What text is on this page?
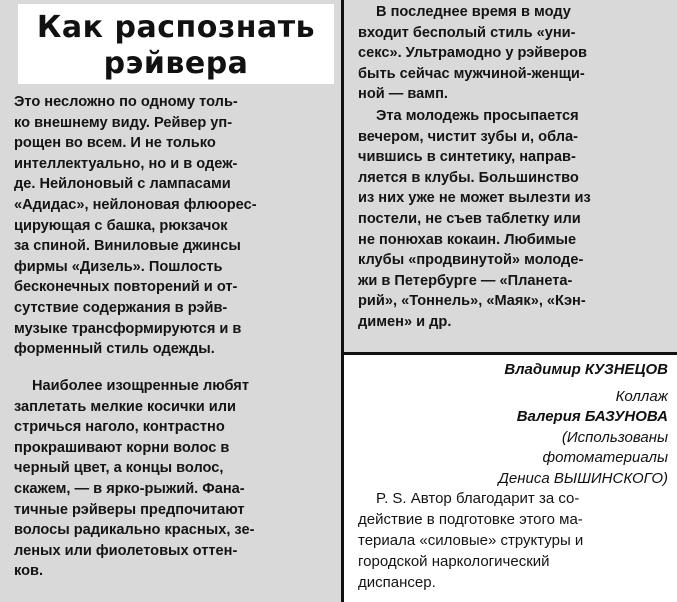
Как распознать
рэйвера
Это несложно по одному толь-
ко внешнему виду. Рейвер уп-
рощен во всем. И не только
интеллектуально, но и в одеж-
де. Нейлоновый с лампасами
«Адидас», нейлоновая флюорес-
цирующая с башка, рюкзачок
за спиной. Виниловые джинсы
фирмы «Дизель». Пошлость
бесконечных повторений и от-
сутствие содержания в рэйв-
музыке трансформируются и в
форменный стиль одежды.
Наиболее изощренные любят
заплетать мелкие косички или
стричься наголо, контрастно
прокрашивают корни волос в
черный цвет, а концы волос,
скажем, — в ярко-рыжий. Фана-
тичные рэйверы предпочитают
волосы радикально красных, зе-
леных или фиолетовых оттен-
ков.
В последнее время в моду
входит бесполый стиль «уни-
секс». Ультрамодно у рэйверов
быть сейчас мужчиной-женщи-
ной — вамп.
Эта молодежь просыпается
вечером, чистит зубы и, обла-
чившись в синтетику, направ-
ляется в клубы. Большинство
из них уже не может вылезти из
постели, не съев таблетку или
не понюхав кокаин. Любимые
клубы «продвинутой» молоде-
жи в Петербурге — «Планета-
рий», «Тоннель», «Маяк», «Кэн-
димен» и др.
Владимир КУЗНЕЦОВ
Коллаж
Валерия БАЗУНОВА
(Использованы
фотоматериалы
Дениса ВЫШИНСКОГО)
P. S. Автор благодарит за со-
действие в подготовке этого ма-
териала «силовые» структуры и
городской наркологический
диспансер.
